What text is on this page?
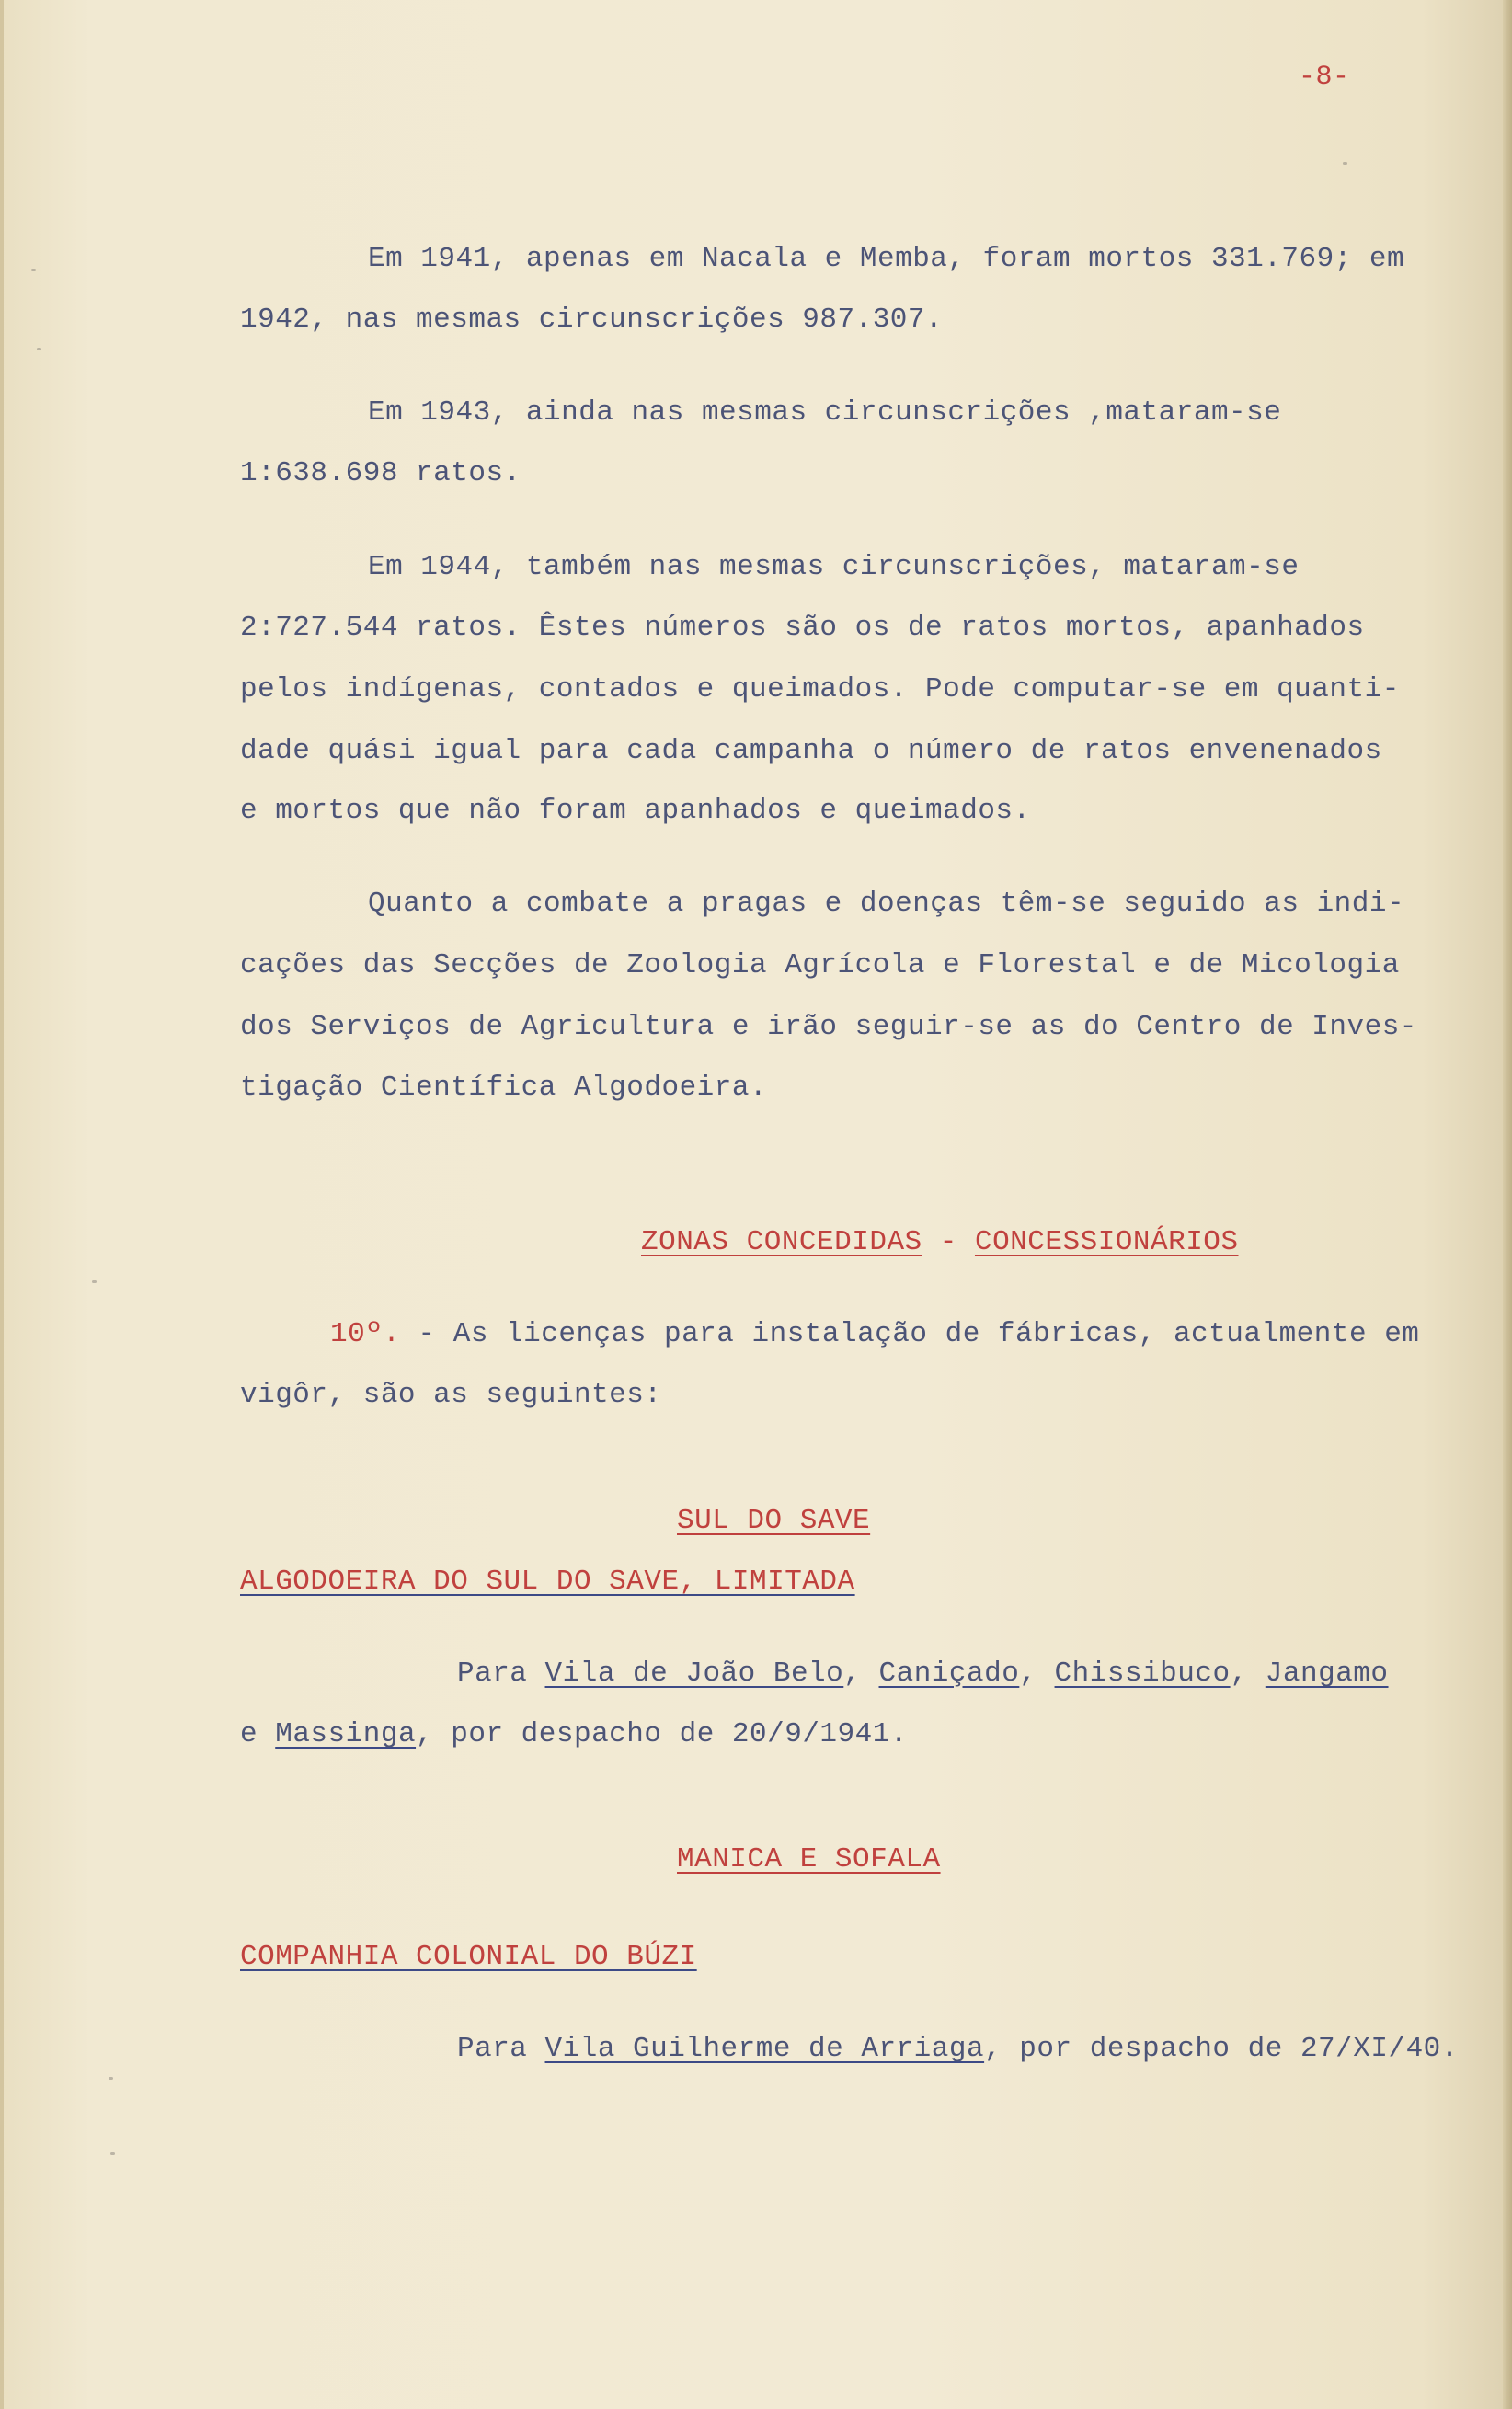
-8-
Em 1941, apenas em Nacala e Memba, foram mortos 331.769; em
1942, nas mesmas circunscrições 987.307.
Em 1943, ainda nas mesmas circunscrições ,mataram-se
1:638.698 ratos.
Em 1944, também nas mesmas circunscrições, mataram-se
2:727.544 ratos. Êstes números são os de ratos mortos, apanhados
pelos indígenas, contados e queimados. Pode computar-se em quanti-
dade quási igual para cada campanha o número de ratos envenenados
e mortos que não foram apanhados e queimados.
Quanto a combate a pragas e doenças têm-se seguido as indi-
cações das Secções de Zoologia Agrícola e Florestal e de Micologia
dos Serviços de Agricultura e irão seguir-se as do Centro de Inves-
tigação Científica Algodoeira.
ZONAS CONCEDIDAS - CONCESSIONÁRIOS
10º. - As licenças para instalação de fábricas, actualmente em
vigôr, são as seguintes:
SUL DO SAVE
ALGODOEIRA DO SUL DO SAVE, LIMITADA
Para Vila de João Belo, Caniçado, Chissibuco, Jangamo
e Massinga, por despacho de 20/9/1941.
MANICA E SOFALA
COMPANHIA COLONIAL DO BÚZI
Para Vila Guilherme de Arriaga, por despacho de 27/XI/40.
